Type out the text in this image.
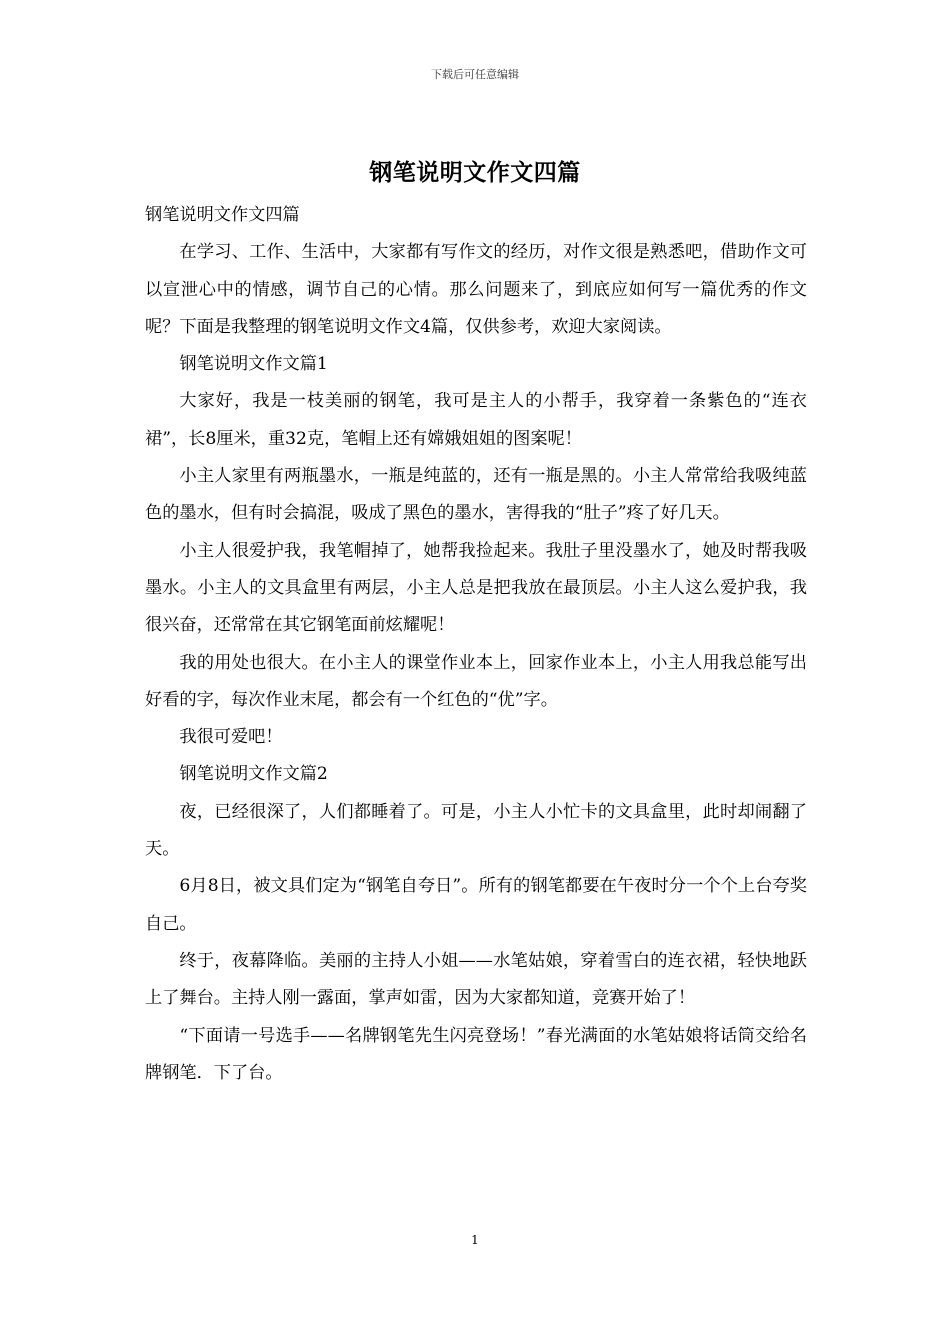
下载后可任意编辑
钢笔说明文作文四篇

钢笔说明文作文四篇

在学习、工作、生活中，大家都有写作文的经历，对作文很是熟悉吧，借助作文可以宣泄心中的情感，调节自己的心情。那么问题来了，到底应如何写一篇优秀的作文呢？下面是我整理的钢笔说明文作文4篇，仅供参考，欢迎大家阅读。

钢笔说明文作文篇1

大家好，我是一枝美丽的钢笔，我可是主人的小帮手，我穿着一条紫色的“连衣裙”，长8厘米，重32克，笔帽上还有嫦娥姐姐的图案呢！

小主人家里有两瓶墨水，一瓶是纯蓝的，还有一瓶是黑的。小主人常常给我吸纯蓝色的墨水，但有时会搞混，吸成了黑色的墨水，害得我的“肚子”疼了好几天。

小主人很爱护我，我笔帽掉了，她帮我捡起来。我肚子里没墨水了，她及时帮我吸墨水。小主人的文具盒里有两层，小主人总是把我放在最顶层。小主人这么爱护我，我很兴奋，还常常在其它钢笔面前炫耀呢！

我的用处也很大。在小主人的课堂作业本上，回家作业本上，小主人用我总能写出好看的字，每次作业末尾，都会有一个红色的“优”字。

我很可爱吧！

钢笔说明文作文篇2

夜，已经很深了，人们都睡着了。可是，小主人小忙卡的文具盒里，此时却闹翻了天。

6月8日，被文具们定为“钢笔自夸日”。所有的钢笔都要在午夜时分一个个上台夸奖自己。

终于，夜幕降临。美丽的主持人小姐——水笔姑娘，穿着雪白的连衣裙，轻快地跃上了舞台。主持人刚一露面，掌声如雷，因为大家都知道，竞赛开始了！

“下面请一号选手——名牌钢笔先生闪亮登场！”春光满面的水笔姑娘将话筒交给名牌钢笔．下了台。

1
